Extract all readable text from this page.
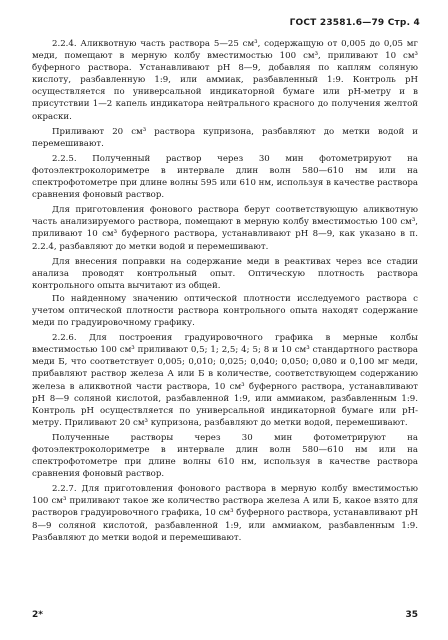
ГОСТ 23581.6—79 Стр. 4

2.2.4. Аликвотную часть раствора 5—25 см³, содержащую от 0,005 до 0,05 мг меди, помещают в мерную колбу вместимостью 100 см³, приливают 10 см³ буферного раствора. Устанавливают pH 8—9, добавляя по каплям соляную кислоту, разбавленную 1:9, или аммиак, разбавленный 1:9. Контроль pH осуществляется по универсальной индикаторной бумаге или pH-метру и в присутствии 1—2 капель индикатора нейтрального красного до получения желтой окраски.

Приливают 20 см³ раствора купризона, разбавляют до метки водой и перемешивают.

2.2.5. Полученный раствор через 30 мин фотометрируют на фотоэлектроколориметре в интервале длин волн 580—610 нм или на спектрофотометре при длине волны 595 или 610 нм, используя в качестве раствора сравнения фоновый раствор.

Для приготовления фонового раствора берут соответствующую аликвотную часть анализируемого раствора, помещают в мерную колбу вместимостью 100 см³, приливают 10 см³ буферного раствора, устанавливают pH 8—9, как указано в п. 2.2.4, разбавляют до метки водой и перемешивают.

Для внесения поправки на содержание меди в реактивах через все стадии анализа проводят контрольный опыт. Оптическую плотность раствора контрольного опыта вычитают из общей.

По найденному значению оптической плотности исследуемого раствора с учетом оптической плотности раствора контрольного опыта находят содержание меди по градуировочному графику.

2.2.6. Для построения градуировочного графика в мерные колбы вместимостью 100 см³ приливают 0,5; 1; 2,5; 4; 5; 8 и 10 см³ стандартного раствора меди Б, что соответствует 0,005; 0,010; 0,025; 0,040; 0,050; 0,080 и 0,100 мг меди, прибавляют раствор железа А или Б в количестве, соответствующем содержанию железа в аликвотной части раствора, 10 см³ буферного раствора, устанавливают pH 8—9 соляной кислотой, разбавленной 1:9, или аммиаком, разбавленным 1:9. Контроль pH осуществляется по универсальной индикаторной бумаге или pH-метру. Приливают 20 см³ купризона, разбавляют до метки водой, перемешивают.

Полученные растворы через 30 мин фотометрируют на фотоэлектроколориметре в интервале длин волн 580—610 нм или на спектрофотометре при длине волны 610 нм, используя в качестве раствора сравнения фоновый раствор.

2.2.7. Для приготовления фонового раствора в мерную колбу вместимостью 100 см³ приливают такое же количество раствора железа А или Б, какое взято для растворов градуировочного графика, 10 см³ буферного раствора, устанавливают pH 8—9 соляной кислотой, разбавленной 1:9, или аммиаком, разбавленным 1:9. Разбавляют до метки водой и перемешивают.

2*	35
